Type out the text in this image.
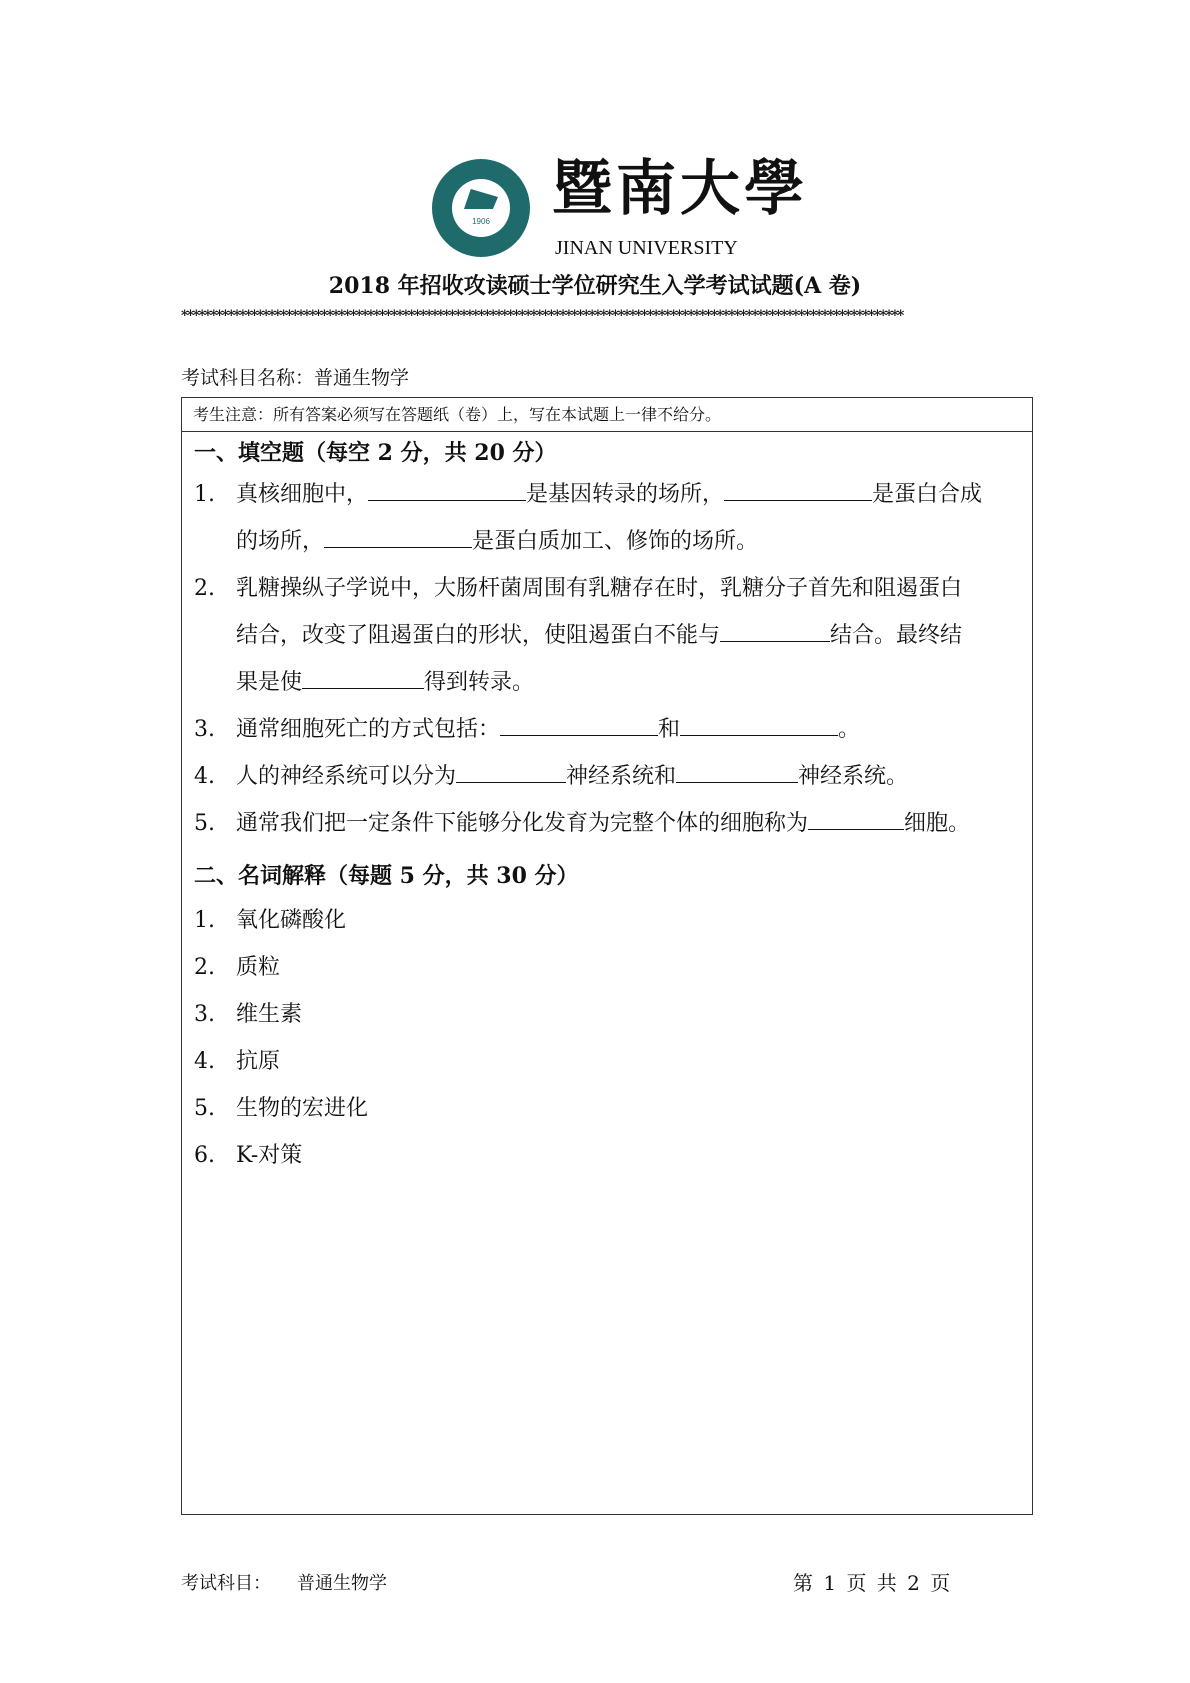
1906	暨南大學
JINAN UNIVERSITY
2018 年招收攻读硕士学位研究生入学考试试题(A 卷)
****************************************************************************************************************************
考试科目名称：普通生物学
考生注意：所有答案必须写在答题纸（卷）上，写在本试题上一律不给分。
一、填空题（每空 2 分，共 20 分）
1. 真核细胞中，	是基因转录的场所，	是蛋白合成
的场所，	是蛋白质加工、修饰的场所。
2. 乳糖操纵子学说中，大肠杆菌周围有乳糖存在时，乳糖分子首先和阻遏蛋白
结合，改变了阻遏蛋白的形状，使阻遏蛋白不能与	结合。最终结
果是使	得到转录。
3. 通常细胞死亡的方式包括：	和	。
4. 人的神经系统可以分为	神经系统和	神经系统。
5. 通常我们把一定条件下能够分化发育为完整个体的细胞称为	细胞。
二、名词解释（每题 5 分，共 30 分）
1. 氧化磷酸化
2. 质粒
3. 维生素
4. 抗原
5. 生物的宏进化
6. K-对策
考试科目： 普通生物学	第 1 页 共 2 页
